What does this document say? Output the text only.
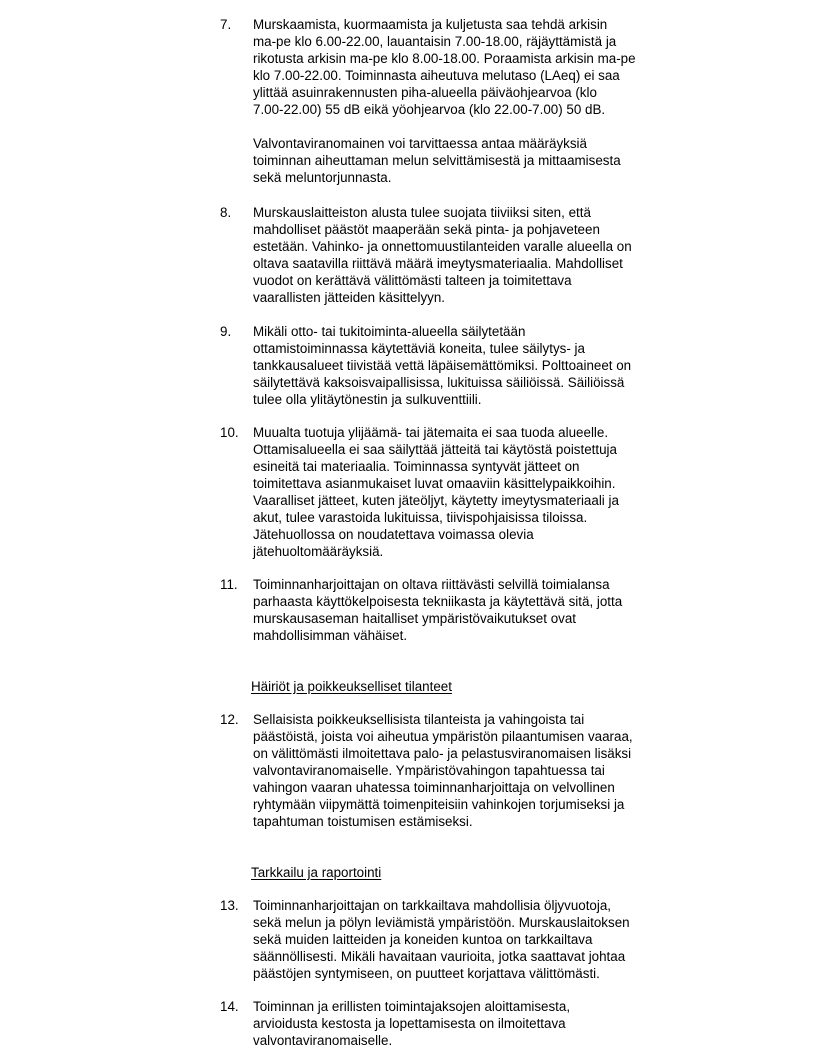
7.	Murskaamista, kuormaamista ja kuljetusta saa tehdä arkisin
ma-pe klo 6.00-22.00, lauantaisin 7.00-18.00, räjäyttämistä ja
rikotusta arkisin ma-pe klo 8.00-18.00. Poraamista arkisin ma-pe
klo 7.00-22.00. Toiminnasta aiheutuva melutaso (LAeq) ei saa
ylittää asuinrakennusten piha-alueella päiväohjearvoa (klo
7.00-22.00) 55 dB eikä yöohjearvoa (klo 22.00-7.00) 50 dB.

Valvontaviranomainen voi tarvittaessa antaa määräyksiä
toiminnan aiheuttaman melun selvittämisestä ja mittaamisesta
sekä meluntorjunnasta.

8.	Murskauslaitteiston alusta tulee suojata tiiviiksi siten, että
mahdolliset päästöt maaperään sekä pinta- ja pohjaveteen
estetään. Vahinko- ja onnettomuustilanteiden varalle alueella on
oltava saatavilla riittävä määrä imeytysmateriaalia. Mahdolliset
vuodot on kerättävä välittömästi talteen ja toimitettava
vaarallisten jätteiden käsittelyyn.

9.	Mikäli otto- tai tukitoiminta-alueella säilytetään
ottamistoiminnassa käytettäviä koneita, tulee säilytys- ja
tankkausalueet tiivistää vettä läpäisemättömiksi. Polttoaineet on
säilytettävä kaksoisvaipallisissa, lukituissa säiliöissä. Säiliöissä
tulee olla ylitäytönestin ja sulkuventtiili.

10.	Muualta tuotuja ylijäämä- tai jätemaita ei saa tuoda alueelle.
Ottamisalueella ei saa säilyttää jätteitä tai käytöstä poistettuja
esineitä tai materiaalia. Toiminnassa syntyvät jätteet on
toimitettava asianmukaiset luvat omaaviin käsittelypaikkoihin.
Vaaralliset jätteet, kuten jäteöljyt, käytetty imeytysmateriaali ja
akut, tulee varastoida lukituissa, tiivispohjaisissa tiloissa.
Jätehuollossa on noudatettava voimassa olevia
jätehuoltomääräyksiä.

11.	Toiminnanharjoittajan on oltava riittävästi selvillä toimialansa
parhaasta käyttökelpoisesta tekniikasta ja käytettävä sitä, jotta
murskausaseman haitalliset ympäristövaikutukset ovat
mahdollisimman vähäiset.

Häiriöt ja poikkeukselliset tilanteet
12.	Sellaisista poikkeuksellisista tilanteista ja vahingoista tai
päästöistä, joista voi aiheutua ympäristön pilaantumisen vaaraa,
on välittömästi ilmoitettava palo- ja pelastusviranomaisen lisäksi
valvontaviranomaiselle. Ympäristövahingon tapahtuessa tai
vahingon vaaran uhatessa toiminnanharjoittaja on velvollinen
ryhtymään viipymättä toimenpiteisiin vahinkojen torjumiseksi ja
tapahtuman toistumisen estämiseksi.

Tarkkailu ja raportointi
13.	Toiminnanharjoittajan on tarkkailtava mahdollisia öljyvuotoja,
sekä melun ja pölyn leviämistä ympäristöön. Murskauslaitoksen
sekä muiden laitteiden ja koneiden kuntoa on tarkkailtava
säännöllisesti. Mikäli havaitaan vaurioita, jotka saattavat johtaa
päästöjen syntymiseen, on puutteet korjattava välittömästi.

14.	Toiminnan ja erillisten toimintajaksojen aloittamisesta,
arvioidusta kestosta ja lopettamisesta on ilmoitettava
valvontaviranomaiselle.
